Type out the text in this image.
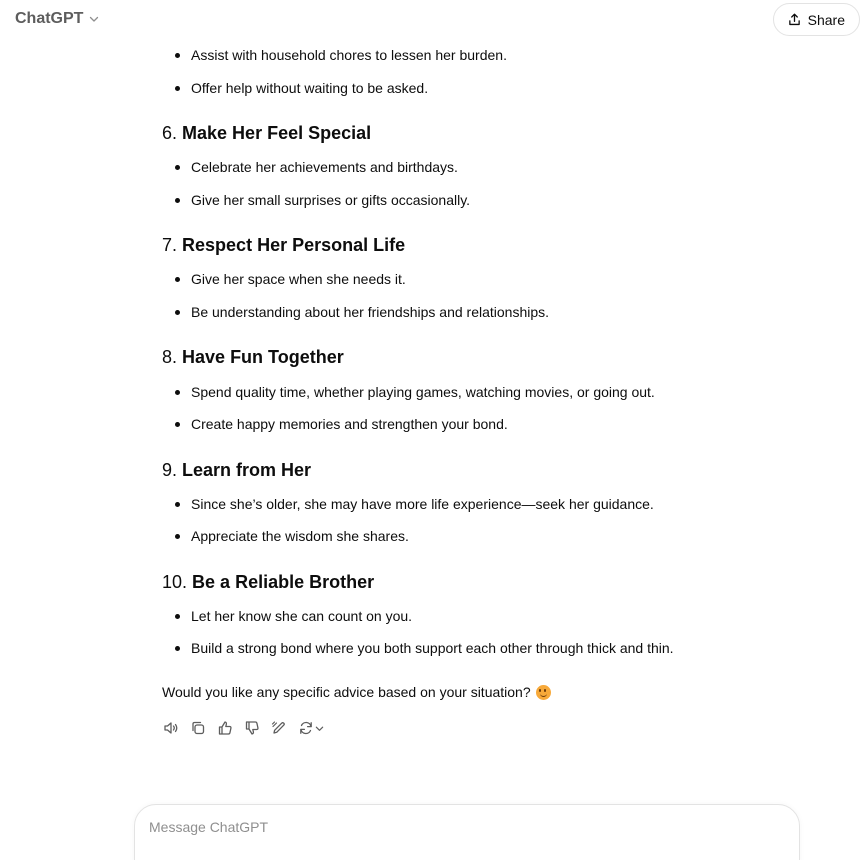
ChatGPT	Share
Assist with household chores to lessen her burden.
Offer help without waiting to be asked.
6. Make Her Feel Special
Celebrate her achievements and birthdays.
Give her small surprises or gifts occasionally.
7. Respect Her Personal Life
Give her space when she needs it.
Be understanding about her friendships and relationships.
8. Have Fun Together
Spend quality time, whether playing games, watching movies, or going out.
Create happy memories and strengthen your bond.
9. Learn from Her
Since she’s older, she may have more life experience—seek her guidance.
Appreciate the wisdom she shares.
10. Be a Reliable Brother
Let her know she can count on you.
Build a strong bond where you both support each other through thick and thin.
Would you like any specific advice based on your situation?
Message ChatGPT
